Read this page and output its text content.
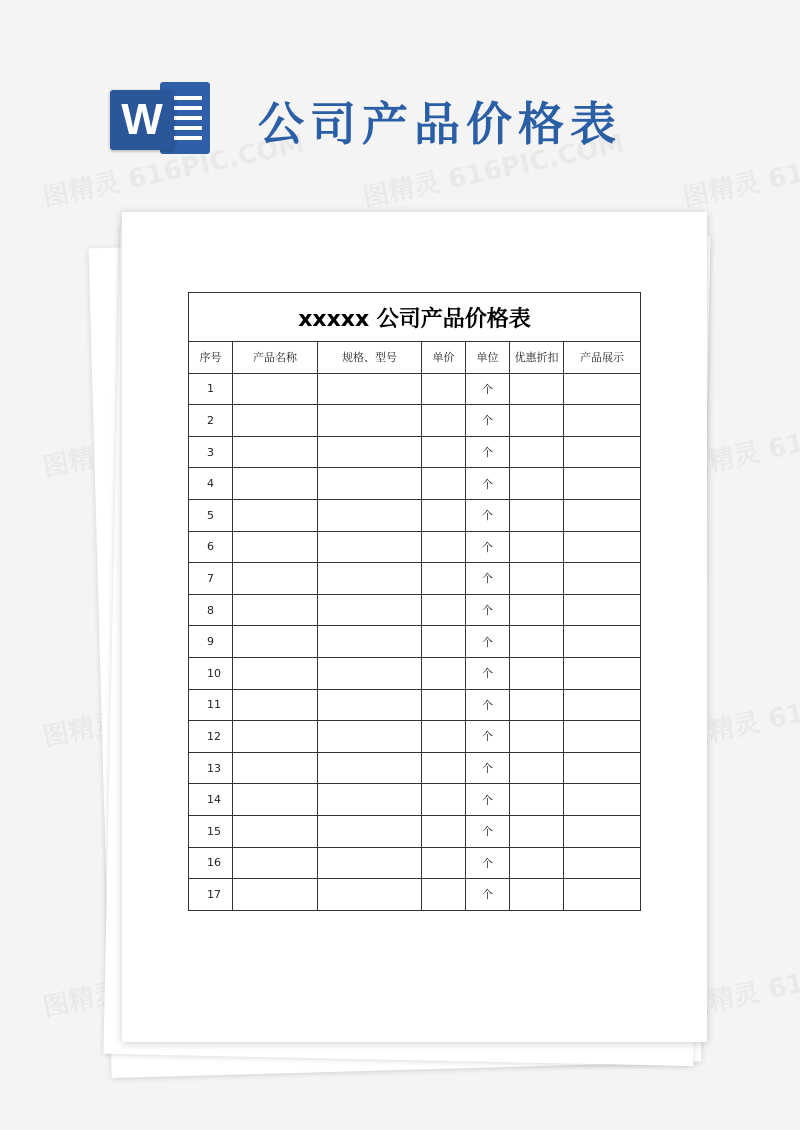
W 公司产品价格表
xxxxx 公司产品价格表						
序号	产品名称	规格、型号	单价	单位	优惠折扣	产品展示
1				个		
2				个		
3				个		
4				个		
5				个		
6				个		
7				个		
8				个		
9				个		
10				个		
11				个		
12				个		
13				个		
14				个		
15				个		
16				个		
17				个		
